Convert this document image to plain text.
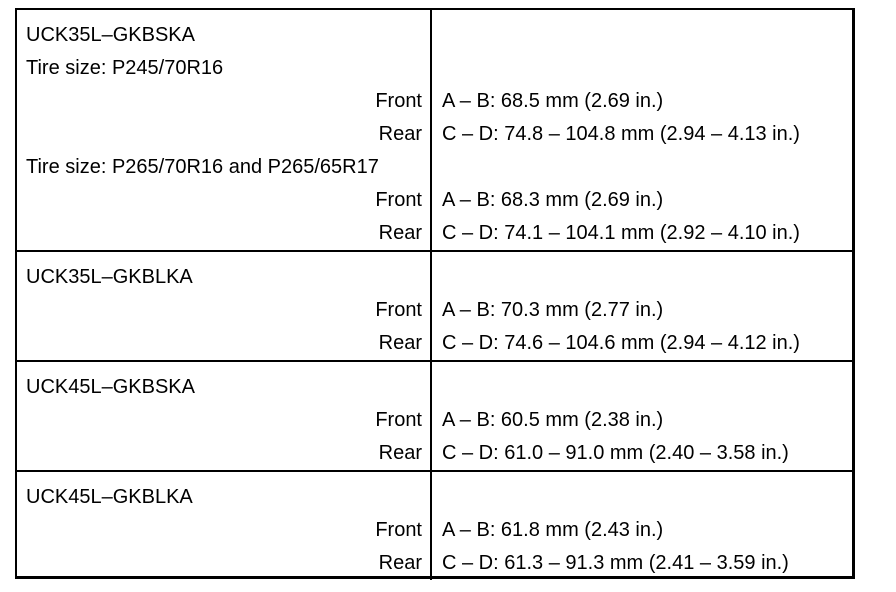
UCK35L–GKBSKA
Tire size: P245/70R16
Front
Rear
Tire size: P265/70R16 and P265/65R17
Front
Rear
A – B: 68.5 mm (2.69 in.)
C – D: 74.8 – 104.8 mm (2.94 – 4.13 in.)
A – B: 68.3 mm (2.69 in.)
C – D: 74.1 – 104.1 mm (2.92 – 4.10 in.)
UCK35L–GKBLKA
Front
Rear
A – B: 70.3 mm (2.77 in.)
C – D: 74.6 – 104.6 mm (2.94 – 4.12 in.)
UCK45L–GKBSKA
Front
Rear
A – B: 60.5 mm (2.38 in.)
C – D: 61.0 – 91.0 mm (2.40 – 3.58 in.)
UCK45L–GKBLKA
Front
Rear
A – B: 61.8 mm (2.43 in.)
C – D: 61.3 – 91.3 mm (2.41 – 3.59 in.)
